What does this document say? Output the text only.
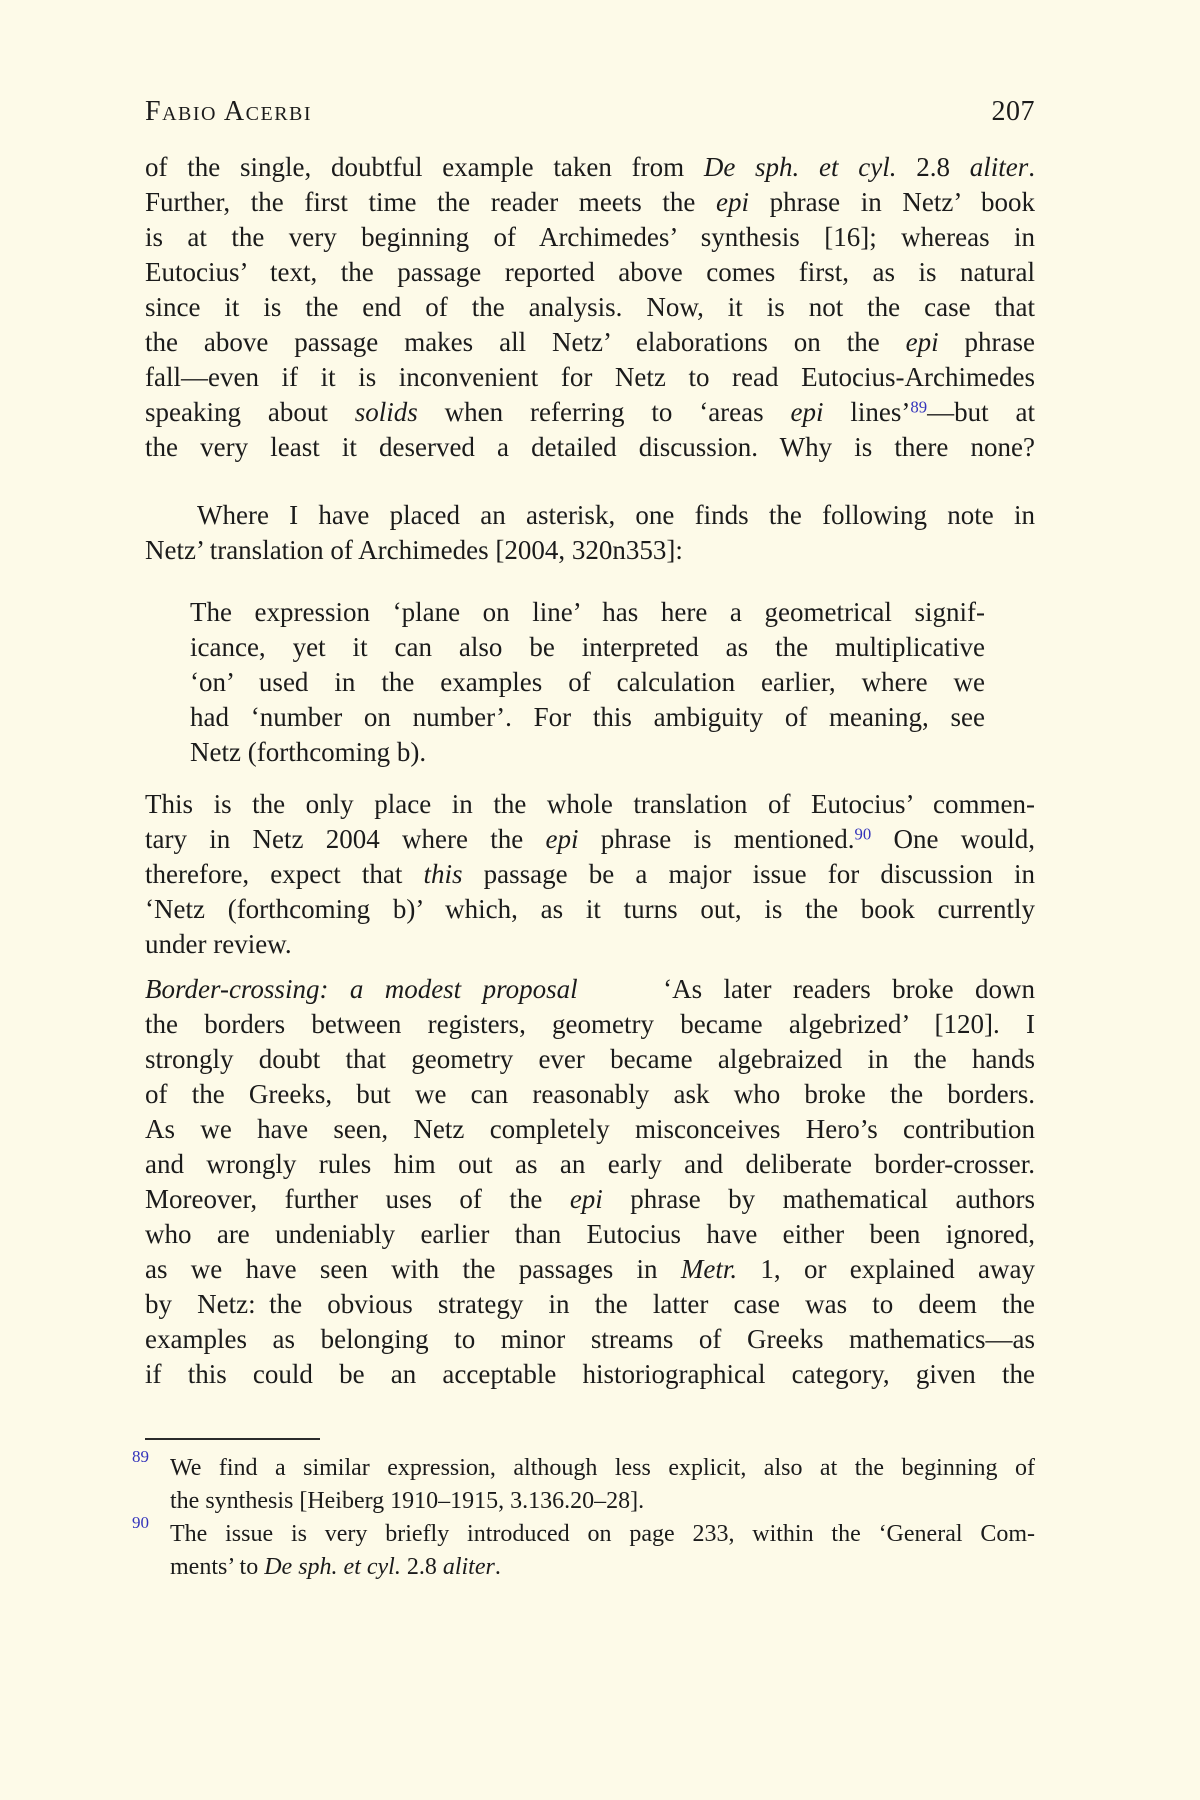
Fabio Acerbi	207
of the single, doubtful example taken from De sph. et cyl. 2.8 aliter.
Further, the first time the reader meets the epi phrase in Netz’ book
is at the very beginning of Archimedes’ synthesis [16]; whereas in
Eutocius’ text, the passage reported above comes first, as is natural
since it is the end of the analysis. Now, it is not the case that
the above passage makes all Netz’ elaborations on the epi phrase
fall—even if it is inconvenient for Netz to read Eutocius-Archimedes
speaking about solids when referring to ‘areas epi lines’$^{89}$—but at
the very least it deserved a detailed discussion. Why is there none?
Where I have placed an asterisk, one finds the following note in
Netz’ translation of Archimedes [2004, 320n353]:
The expression ‘plane on line’ has here a geometrical signif-
icance, yet it can also be interpreted as the multiplicative
‘on’ used in the examples of calculation earlier, where we
had ‘number on number’. For this ambiguity of meaning, see
Netz (forthcoming b).
This is the only place in the whole translation of Eutocius’ commen-
tary in Netz 2004 where the epi phrase is mentioned.$^{90}$ One would,
therefore, expect that this passage be a major issue for discussion in
‘Netz (forthcoming b)’ which, as it turns out, is the book currently
under review.
Border-crossing: a modest proposal    ‘As later readers broke down
the borders between registers, geometry became algebrized’ [120]. I
strongly doubt that geometry ever became algebraized in the hands
of the Greeks, but we can reasonably ask who broke the borders.
As we have seen, Netz completely misconceives Hero’s contribution
and wrongly rules him out as an early and deliberate border-crosser.
Moreover, further uses of the epi phrase by mathematical authors
who are undeniably earlier than Eutocius have either been ignored,
as we have seen with the passages in Metr. 1, or explained away
by Netz: the obvious strategy in the latter case was to deem the
examples as belonging to minor streams of Greeks mathematics—as
if this could be an acceptable historiographical category, given the
89 We find a similar expression, although less explicit, also at the beginning of
the synthesis [Heiberg 1910–1915, 3.136.20–28].
90 The issue is very briefly introduced on page 233, within the ‘General Com-
ments’ to De sph. et cyl. 2.8 aliter.
